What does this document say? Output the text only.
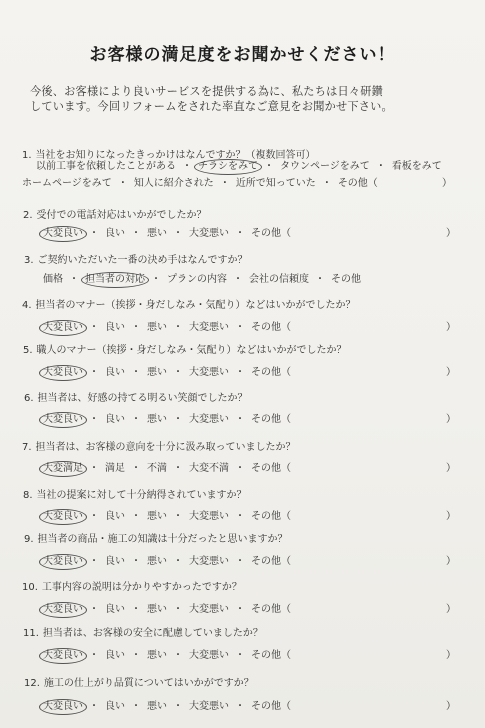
お客様の満足度をお聞かせください！
今後、お客様により良いサービスを提供する為に、私たちは日々研鑽
しています。今回リフォームをされた率直なご意見をお聞かせ下さい。
1. 当社をお知りになったきっかけはなんですか？（複数回答可）
以前工事を依頼したことがある ・ チラシをみて ・ タウンページをみて ・ 看板をみて
ホームページをみて ・ 知人に紹介された ・ 近所で知っていた ・ その他（	）
2. 受付での電話対応はいかがでしたか？
大変良い ・ 良い ・ 悪い ・ 大変悪い ・ その他（	）
3. ご契約いただいた一番の決め手はなんですか？
価格 ・ 担当者の対応 ・ プランの内容 ・ 会社の信頼度 ・ その他
4. 担当者のマナー（挨拶・身だしなみ・気配り）などはいかがでしたか？
大変良い ・ 良い ・ 悪い ・ 大変悪い ・ その他（	）
5. 職人のマナー（挨拶・身だしなみ・気配り）などはいかがでしたか？
大変良い ・ 良い ・ 悪い ・ 大変悪い ・ その他（	）
6. 担当者は、好感の持てる明るい笑顔でしたか？
大変良い ・ 良い ・ 悪い ・ 大変悪い ・ その他（	）
7. 担当者は、お客様の意向を十分に汲み取っていましたか？
大変満足 ・ 満足 ・ 不満 ・ 大変不満 ・ その他（	）
8. 当社の提案に対して十分納得されていますか？
大変良い ・ 良い ・ 悪い ・ 大変悪い ・ その他（	）
9. 担当者の商品・施工の知識は十分だったと思いますか？
大変良い ・ 良い ・ 悪い ・ 大変悪い ・ その他（	）
10. 工事内容の説明は分かりやすかったですか？
大変良い ・ 良い ・ 悪い ・ 大変悪い ・ その他（	）
11. 担当者は、お客様の安全に配慮していましたか？
大変良い ・ 良い ・ 悪い ・ 大変悪い ・ その他（	）
12. 施工の仕上がり品質についてはいかがですか？
大変良い ・ 良い ・ 悪い ・ 大変悪い ・ その他（	）
